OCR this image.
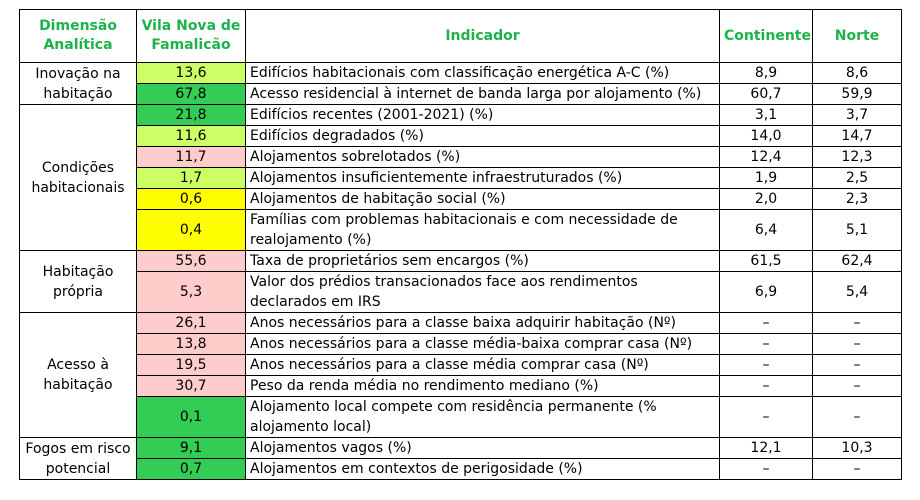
Dimensão Analítica	Vila Nova de Famalicão	Indicador	Continente	Norte
Inovação na habitação	13,6	Edifícios habitacionais com classificação energética A-C (%)	8,9	8,6
	67,8	Acesso residencial à internet de banda larga por alojamento (%)	60,7	59,9
Condições habitacionais	21,8	Edifícios recentes (2001-2021) (%)	3,1	3,7
	11,6	Edifícios degradados (%)	14,0	14,7
	11,7	Alojamentos sobrelotados (%)	12,4	12,3
	1,7	Alojamentos insuficientemente infraestruturados (%)	1,9	2,5
	0,6	Alojamentos de habitação social (%)	2,0	2,3
	0,4	Famílias com problemas habitacionais e com necessidade de realojamento (%)	6,4	5,1
Habitação própria	55,6	Taxa de proprietários sem encargos (%)	61,5	62,4
	5,3	Valor dos prédios transacionados face aos rendimentos declarados em IRS	6,9	5,4
Acesso à habitação	26,1	Anos necessários para a classe baixa adquirir habitação (Nº)	–	–
	13,8	Anos necessários para a classe média-baixa comprar casa (Nº)	–	–
	19,5	Anos necessários para a classe média comprar casa (Nº)	–	–
	30,7	Peso da renda média no rendimento mediano (%)	–	–
	0,1	Alojamento local compete com residência permanente (% alojamento local)	–	–
Fogos em risco potencial	9,1	Alojamentos vagos (%)	12,1	10,3
	0,7	Alojamentos em contextos de perigosidade (%)	–	–
